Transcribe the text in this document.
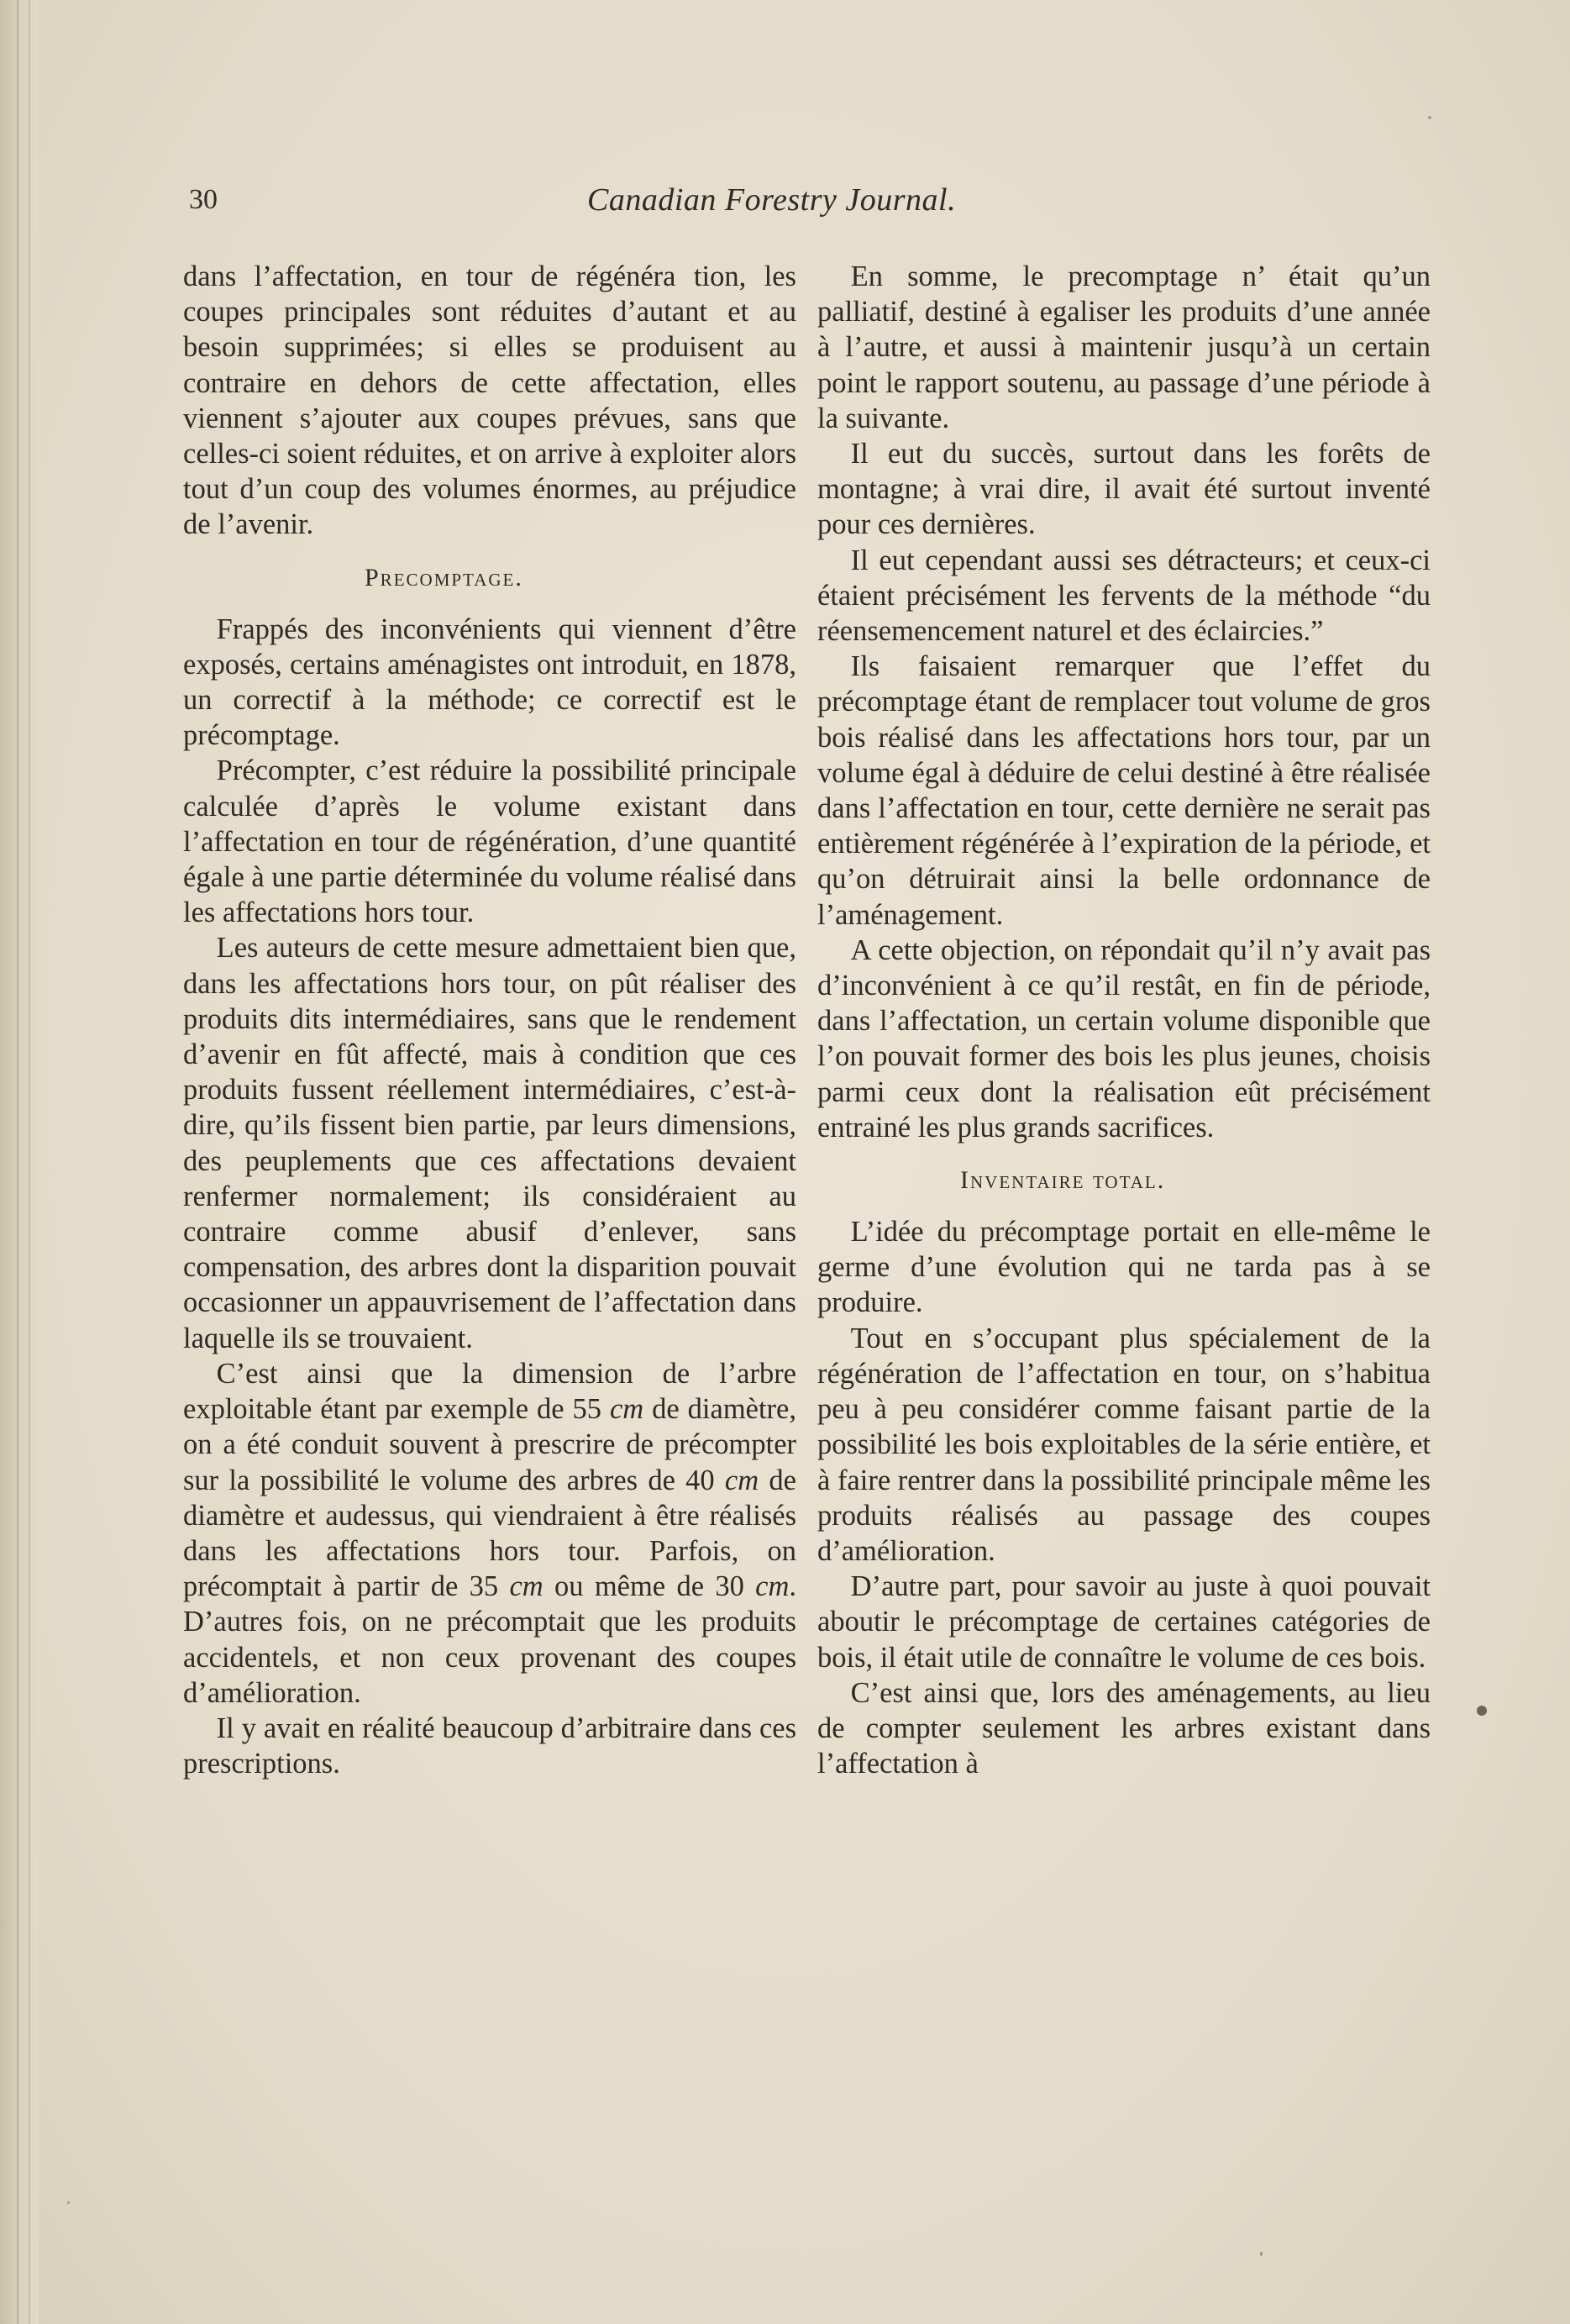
30	Canadian Forestry Journal.

dans l’affectation, en tour de régénéra tion, les coupes principales sont réduites d’autant et au besoin supprimées; si elles se produisent au contraire en dehors de cette affectation, elles viennent s’ajouter aux coupes prévues, sans que celles-ci soient réduites, et on arrive à exploiter alors tout d’un coup des volumes énormes, au préjudice de l’avenir.

Precomptage.

Frappés des inconvénients qui viennent d’être exposés, certains aménagistes ont introduit, en 1878, un correctif à la méthode; ce correctif est le précomptage.

Précompter, c’est réduire la possibilité principale calculée d’après le volume existant dans l’affectation en tour de régénération, d’une quantité égale à une partie déterminée du volume réalisé dans les affectations hors tour.

Les auteurs de cette mesure admettaient bien que, dans les affectations hors tour, on pût réaliser des produits dits intermédiaires, sans que le rendement d’avenir en fût affecté, mais à condition que ces produits fussent réellement intermédiaires, c’est-à-dire, qu’ils fissent bien partie, par leurs dimensions, des peuplements que ces affectations devaient renfermer normalement; ils considéraient au contraire comme abusif d’enlever, sans compensation, des arbres dont la disparition pouvait occasionner un appauvrisement de l’affectation dans laquelle ils se trouvaient.

C’est ainsi que la dimension de l’arbre exploitable étant par exemple de 55 cm de diamètre, on a été conduit souvent à prescrire de précompter sur la possibilité le volume des arbres de 40 cm de diamètre et audessus, qui viendraient à être réalisés dans les affectations hors tour. Parfois, on précomptait à partir de 35 cm ou même de 30 cm. D’autres fois, on ne précomptait que les produits accidentels, et non ceux provenant des coupes d’amélioration.

Il y avait en réalité beaucoup d’arbitraire dans ces prescriptions.

En somme, le precomptage n’ était qu’un palliatif, destiné à egaliser les produits d’une année à l’autre, et aussi à maintenir jusqu’à un certain point le rapport soutenu, au passage d’une période à la suivante.

Il eut du succès, surtout dans les forêts de montagne; à vrai dire, il avait été surtout inventé pour ces dernières.

Il eut cependant aussi ses détracteurs; et ceux-ci étaient précisément les fervents de la méthode “du réensemencement naturel et des éclaircies.”

Ils faisaient remarquer que l’effet du précomptage étant de remplacer tout volume de gros bois réalisé dans les affectations hors tour, par un volume égal à déduire de celui destiné à être réalisée dans l’affectation en tour, cette dernière ne serait pas entièrement régénérée à l’expiration de la période, et qu’on détruirait ainsi la belle ordonnance de l’aménagement.

A cette objection, on répondait qu’il n’y avait pas d’inconvénient à ce qu’il restât, en fin de période, dans l’affectation, un certain volume disponible que l’on pouvait former des bois les plus jeunes, choisis parmi ceux dont la réalisation eût précisément entrainé les plus grands sacrifices.

Inventaire total.

L’idée du précomptage portait en elle-même le germe d’une évolution qui ne tarda pas à se produire.

Tout en s’occupant plus spécialement de la régénération de l’affectation en tour, on s’habitua peu à peu considérer comme faisant partie de la possibilité les bois exploitables de la série entière, et à faire rentrer dans la possibilité principale même les produits réalisés au passage des coupes d’amélioration.

D’autre part, pour savoir au juste à quoi pouvait aboutir le précomptage de certaines catégories de bois, il était utile de connaître le volume de ces bois.

C’est ainsi que, lors des aménagements, au lieu de compter seulement les arbres existant dans l’affectation à
